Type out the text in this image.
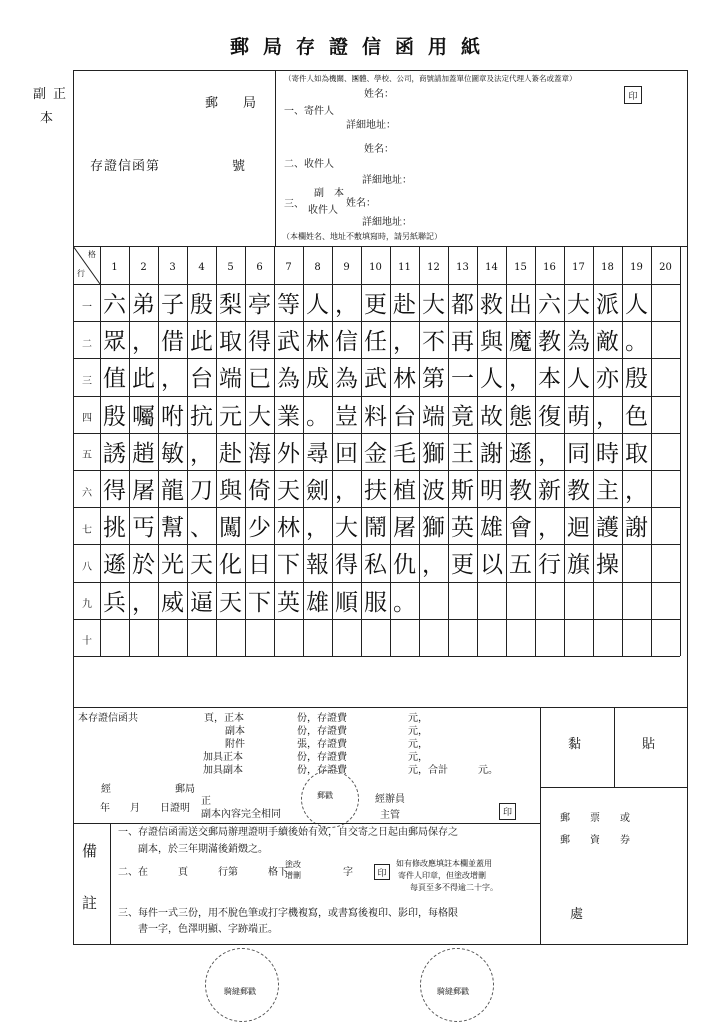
郵局存證信函用紙
副 正
本
郵　局
存證信函第	號
（寄件人如為機關、團體、學校、公司，商號請加蓋單位圖章及法定代理人簽名或蓋章）
姓名：	印
一、寄件人
詳細地址：
姓名：
二、收件人
詳細地址：
副　本
三、
收件人
姓名：
詳細地址：
（本欄姓名、地址不敷填寫時，請另紙聯記）
格
行
1	2	3	4	5	6	7	8	9	10	11	12	13	14	15	16	17	18	19	20
一 六 弟 子 殷 梨 亭 等 人 ， 更 赴 大 都 救 出 六 大 派 人
二 眾 ， 借 此 取 得 武 林 信 任 ， 不 再 與 魔 教 為 敵 。
三 值 此 ， 台 端 已 為 成 為 武 林 第 一 人 ， 本 人 亦 殷
四 殷 囑 咐 抗 元 大 業 。 豈 料 台 端 竟 故 態 復 萌 ， 色
五 誘 趙 敏 ， 赴 海 外 尋 回 金 毛 獅 王 謝 遜 ， 同 時 取
六 得 屠 龍 刀 與 倚 天 劍 ， 扶 植 波 斯 明 教 新 教 主 ，
七 挑 丐 幫 、 闖 少 林 ， 大 鬧 屠 獅 英 雄 會 ， 迴 護 謝
八 遜 於 光 天 化 日 下 報 得 私 仇 ， 更 以 五 行 旗 操
九 兵 ， 威 逼 天 下 英 雄 順 服 。
十
本存證信函共	頁，正本	份，存證費	元，
副本	份，存證費	元，
附件	張，存證費	元，
加具正本	份，存證費	元，
加具副本	份，存證費	元，合計　　　元。
經	郵局
年　　月　　日證明
正
副本內容完全相同
郵戳	經辦員
主管	印
黏	貼
郵　　票　　或
郵　　資　　券
處
備
註
一、存證信函需送交郵局辦理證明手續後始有效，自交寄之日起由郵局保存之
副本，於三年期滿後銷燬之。
二、在　　　頁　　　行第　　　格下
塗改
增刪	字	印
如有修改應填註本欄並蓋用
寄件人印章，但塗改增刪
每頁至多不得逾二十字。
三、每件一式三份，用不脫色筆或打字機複寫，或書寫後複印、影印，每格限
書一字，色澤明顯、字跡端正。
騎縫郵戳	騎縫郵戳
